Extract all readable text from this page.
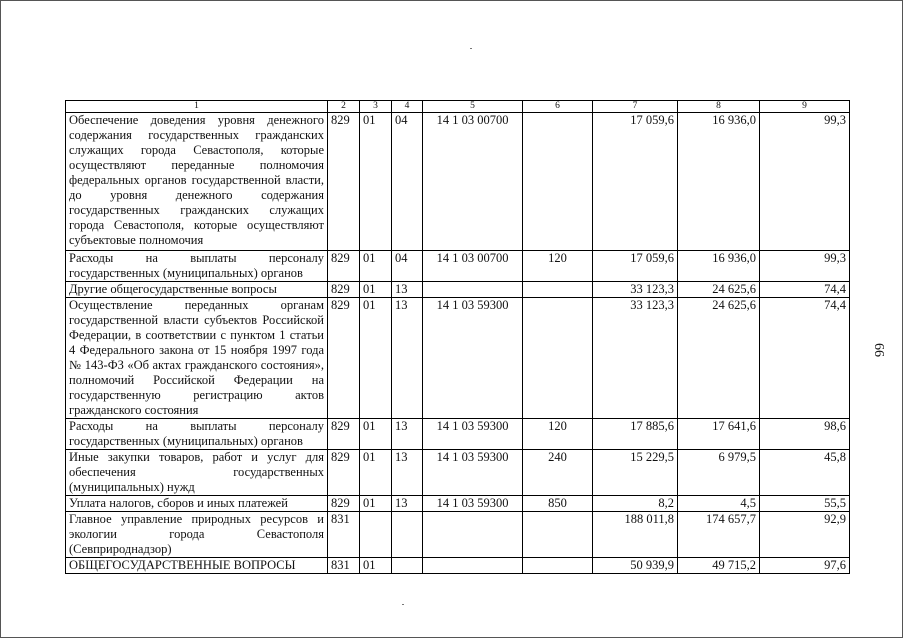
1	2	3	4	5	6	7	8	9
Обеспечение доведения уровня денежного содержания государственных гражданских служащих города Севастополя, которые осуществляют переданные полномочия федеральных органов государственной власти, до уровня денежного содержания государственных гражданских служащих города Севастополя, которые осуществляют субъектовые полномочия	829	01	04	14 1 03 00700		17 059,6	16 936,0	99,3
Расходы на выплаты персоналу государственных (муниципальных) органов	829	01	04	14 1 03 00700	120	17 059,6	16 936,0	99,3
Другие общегосударственные вопросы	829	01	13			33 123,3	24 625,6	74,4
Осуществление переданных органам государственной власти субъектов Российской Федерации, в соответствии с пунктом 1 статьи 4 Федерального закона от 15 ноября 1997 года № 143-ФЗ «Об актах гражданского состояния», полномочий Российской Федерации на государственную регистрацию актов гражданского состояния	829	01	13	14 1 03 59300		33 123,3	24 625,6	74,4
Расходы на выплаты персоналу государственных (муниципальных) органов	829	01	13	14 1 03 59300	120	17 885,6	17 641,6	98,6
Иные закупки товаров, работ и услуг для обеспечения государственных (муниципальных) нужд	829	01	13	14 1 03 59300	240	15 229,5	6 979,5	45,8
Уплата налогов, сборов и иных платежей	829	01	13	14 1 03 59300	850	8,2	4,5	55,5
Главное управление природных ресурсов и экологии города Севастополя (Севприроднадзор)	831					188 011,8	174 657,7	92,9
ОБЩЕГОСУДАРСТВЕННЫЕ ВОПРОСЫ	831	01				50 939,9	49 715,2	97,6
66
